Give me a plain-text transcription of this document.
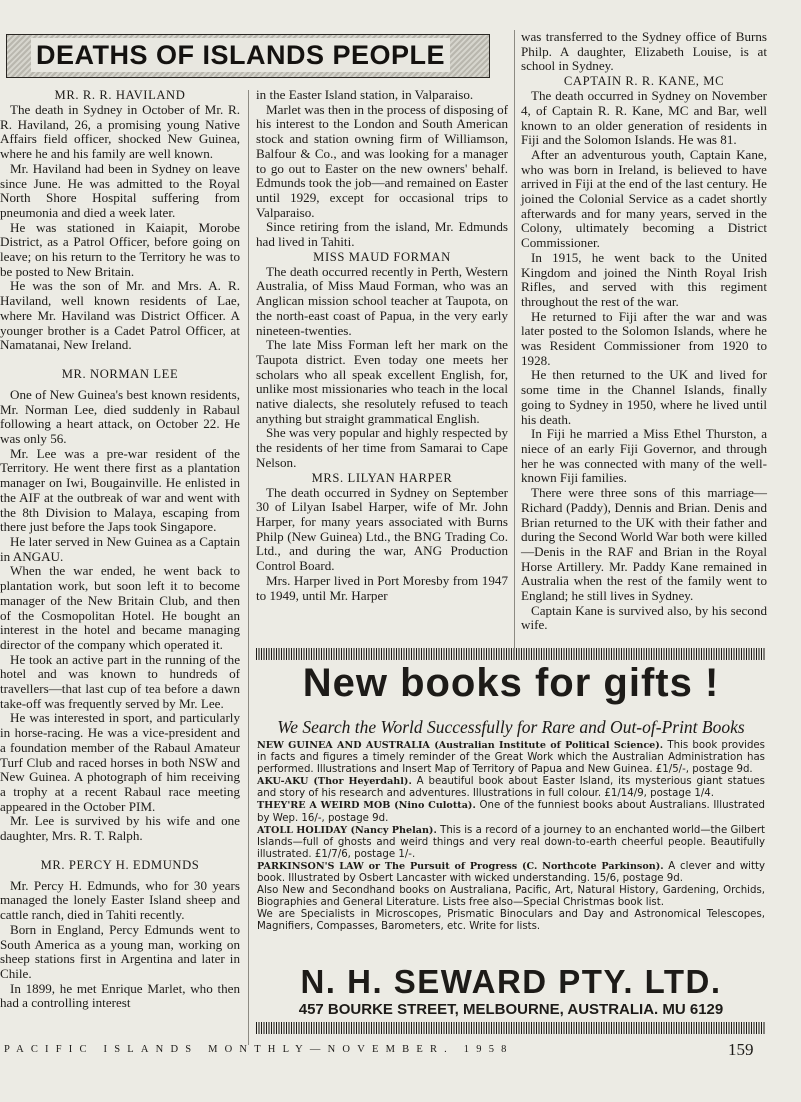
DEATHS OF ISLANDS PEOPLE

MR. R. R. HAVILAND

The death in Sydney in October of Mr. R. R. Haviland, 26, a promising young Native Affairs field officer, shocked New Guinea, where he and his family are well known.

Mr. Haviland had been in Sydney on leave since June. He was admitted to the Royal North Shore Hospital suffering from pneumonia and died a week later.

He was stationed in Kaiapit, Morobe District, as a Patrol Officer, before going on leave; on his return to the Territory he was to be posted to New Britain.

He was the son of Mr. and Mrs. A. R. Haviland, well known residents of Lae, where Mr. Haviland was District Officer. A younger brother is a Cadet Patrol Officer, at Namatanai, New Ireland.

MR. NORMAN LEE

One of New Guinea's best known residents, Mr. Norman Lee, died suddenly in Rabaul following a heart attack, on October 22. He was only 56.

Mr. Lee was a pre-war resident of the Territory. He went there first as a plantation manager on Iwi, Bougainville. He enlisted in the AIF at the outbreak of war and went with the 8th Division to Malaya, escaping from there just before the Japs took Singapore.

He later served in New Guinea as a Captain in ANGAU.

When the war ended, he went back to plantation work, but soon left it to become manager of the New Britain Club, and then of the Cosmopolitan Hotel. He bought an interest in the hotel and became managing director of the company which operated it.

He took an active part in the running of the hotel and was known to hundreds of travellers—that last cup of tea before a dawn take-off was frequently served by Mr. Lee.

He was interested in sport, and particularly in horse-racing. He was a vice-president and a foundation member of the Rabaul Amateur Turf Club and raced horses in both NSW and New Guinea. A photograph of him receiving a trophy at a recent Rabaul race meeting appeared in the October PIM.

Mr. Lee is survived by his wife and one daughter, Mrs. R. T. Ralph.

MR. PERCY H. EDMUNDS

Mr. Percy H. Edmunds, who for 30 years managed the lonely Easter Island sheep and cattle ranch, died in Tahiti recently.

Born in England, Percy Edmunds went to South America as a young man, working on sheep stations first in Argentina and later in Chile.

In 1899, he met Enrique Marlet, who then had a controlling interest

in the Easter Island station, in Valparaiso.

Marlet was then in the process of disposing of his interest to the London and South American stock and station owning firm of Williamson, Balfour & Co., and was looking for a manager to go out to Easter on the new owners' behalf. Edmunds took the job—and remained on Easter until 1929, except for occasional trips to Valparaiso.

Since retiring from the island, Mr. Edmunds had lived in Tahiti.

MISS MAUD FORMAN

The death occurred recently in Perth, Western Australia, of Miss Maud Forman, who was an Anglican mission school teacher at Taupota, on the north-east coast of Papua, in the very early nineteen-twenties.

The late Miss Forman left her mark on the Taupota district. Even today one meets her scholars who all speak excellent English, for, unlike most missionaries who teach in the local native dialects, she resolutely refused to teach anything but straight grammatical English.

She was very popular and highly respected by the residents of her time from Samarai to Cape Nelson.

MRS. LILYAN HARPER

The death occurred in Sydney on September 30 of Lilyan Isabel Harper, wife of Mr. John Harper, for many years associated with Burns Philp (New Guinea) Ltd., the BNG Trading Co. Ltd., and during the war, ANG Production Control Board.

Mrs. Harper lived in Port Moresby from 1947 to 1949, until Mr. Harper

was transferred to the Sydney office of Burns Philp. A daughter, Elizabeth Louise, is at school in Sydney.

CAPTAIN R. R. KANE, MC

The death occurred in Sydney on November 4, of Captain R. R. Kane, MC and Bar, well known to an older generation of residents in Fiji and the Solomon Islands. He was 81.

After an adventurous youth, Captain Kane, who was born in Ireland, is believed to have arrived in Fiji at the end of the last century. He joined the Colonial Service as a cadet shortly afterwards and for many years, served in the Colony, ultimately becoming a District Commissioner.

In 1915, he went back to the United Kingdom and joined the Ninth Royal Irish Rifles, and served with this regiment throughout the rest of the war.

He returned to Fiji after the war and was later posted to the Solomon Islands, where he was Resident Commissioner from 1920 to 1928.

He then returned to the UK and lived for some time in the Channel Islands, finally going to Sydney in 1950, where he lived until his death.

In Fiji he married a Miss Ethel Thurston, a niece of an early Fiji Governor, and through her he was connected with many of the well-known Fiji families.

There were three sons of this marriage—Richard (Paddy), Dennis and Brian. Denis and Brian returned to the UK with their father and during the Second World War both were killed—Denis in the RAF and Brian in the Royal Horse Artillery. Mr. Paddy Kane remained in Australia when the rest of the family went to England; he still lives in Sydney.

Captain Kane is survived also, by his second wife.

New books for gifts !
We Search the World Successfully for Rare and Out-of-Print Books

NEW GUINEA AND AUSTRALIA (Australian Institute of Political Science). This book provides in facts and figures a timely reminder of the Great Work which the Australian Administration has performed. Illustrations and Insert Map of Territory of Papua and New Guinea. £1/5/-, postage 9d.

AKU-AKU (Thor Heyerdahl). A beautiful book about Easter Island, its mysterious giant statues and story of his research and adventures. Illustrations in full colour. £1/14/9, postage 1/4.

THEY'RE A WEIRD MOB (Nino Culotta). One of the funniest books about Australians. Illustrated by Wep. 16/-, postage 9d.

ATOLL HOLIDAY (Nancy Phelan). This is a record of a journey to an enchanted world—the Gilbert Islands—full of ghosts and weird things and very real down-to-earth cheerful people. Beautifully illustrated. £1/7/6, postage 1/-.

PARKINSON'S LAW or The Pursuit of Progress (C. Northcote Parkinson). A clever and witty book. Illustrated by Osbert Lancaster with wicked understanding. 15/6, postage 9d.

Also New and Secondhand books on Australiana, Pacific, Art, Natural History, Gardening, Orchids, Biographies and General Literature. Lists free also—Special Christmas book list.

We are Specialists in Microscopes, Prismatic Binoculars and Day and Astronomical Telescopes, Magnifiers, Compasses, Barometers, etc. Write for lists.

N. H. SEWARD PTY. LTD.
457 BOURKE STREET, MELBOURNE, AUSTRALIA. MU 6129
PACIFIC ISLANDS MONTHLY—NOVEMBER. 1958	159
